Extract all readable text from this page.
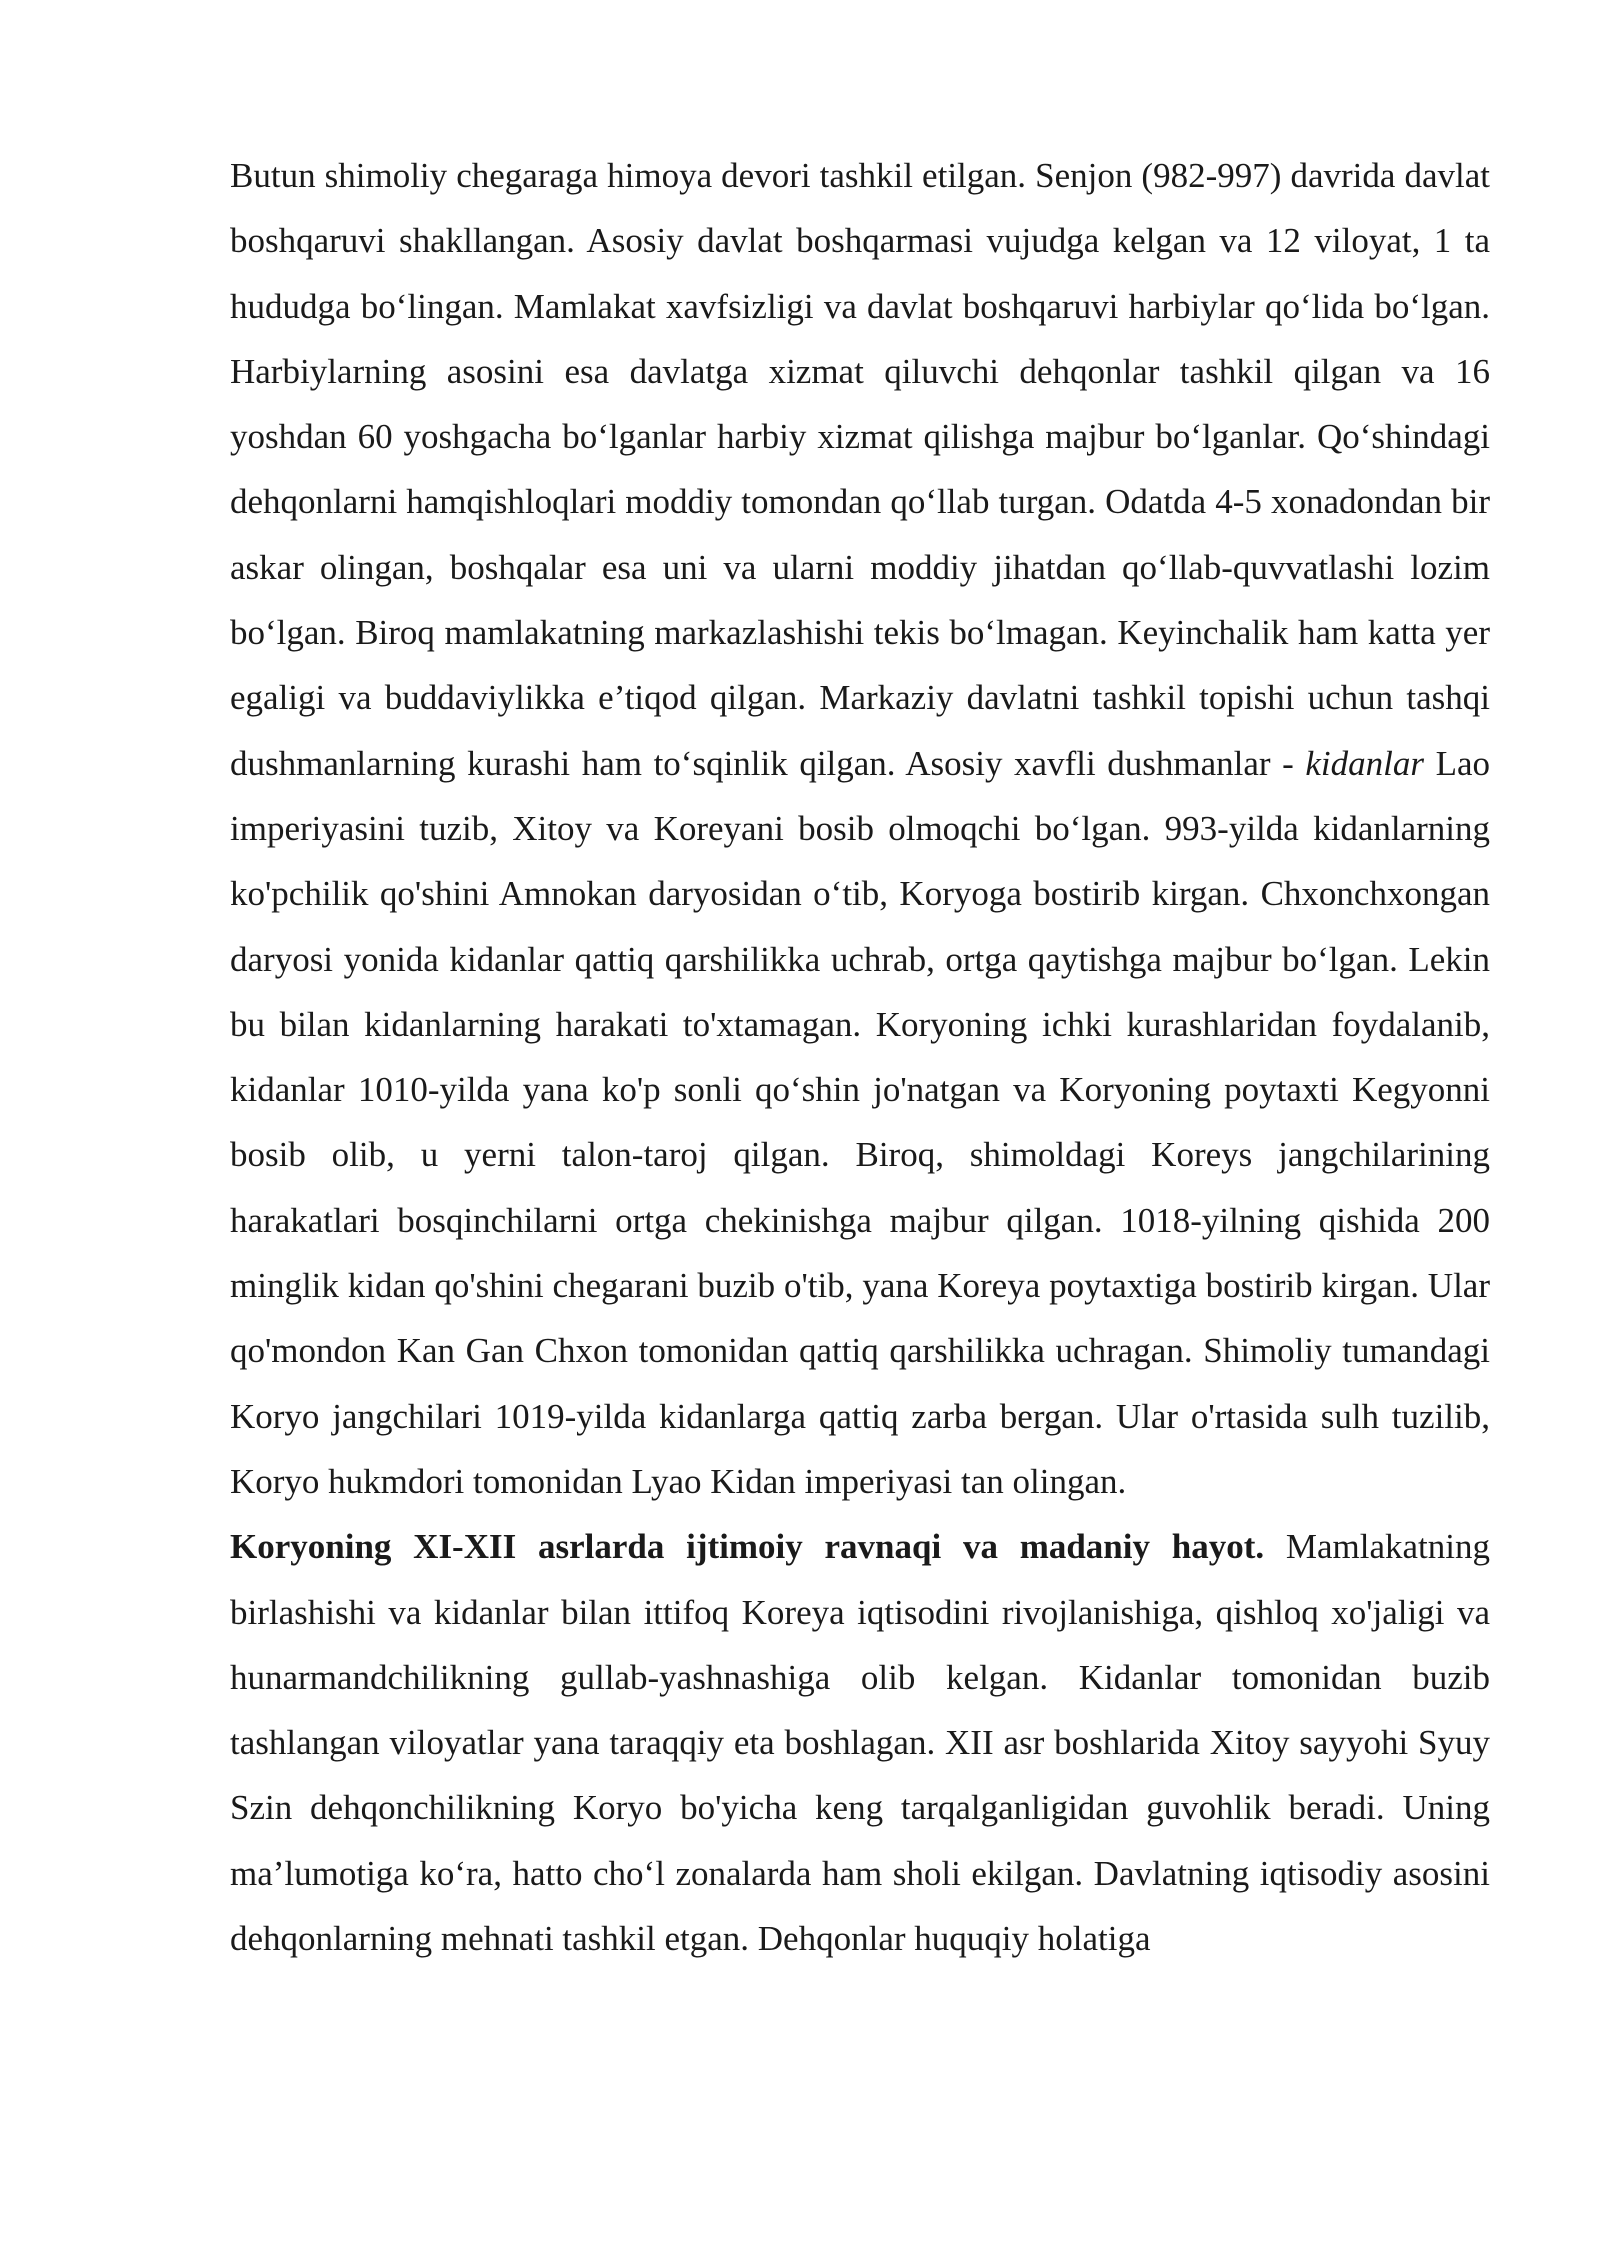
Butun shimoliy chegaraga himoya devori tashkil etilgan. Senjon (982-997) davrida davlat boshqaruvi shakllangan. Asosiy davlat boshqarmasi vujudga kelgan va 12 viloyat, 1 ta hududga boʻlingan. Mamlakat xavfsizligi va davlat boshqaruvi harbiylar qoʻlida boʻlgan. Harbiylarning asosini esa davlatga xizmat qiluvchi dehqonlar tashkil qilgan va 16 yoshdan 60 yoshgacha boʻlganlar harbiy xizmat qilishga majbur boʻlganlar. Qoʻshindagi dehqonlarni hamqishloqlari moddiy tomondan qoʻllab turgan. Odatda 4-5 xonadondan bir askar olingan, boshqalar esa uni va ularni moddiy jihatdan qoʻllab-quvvatlashi lozim boʻlgan. Biroq mamlakatning markazlashishi tekis boʻlmagan. Keyinchalik ham katta yer egaligi va buddaviylikka e’tiqod qilgan. Markaziy davlatni tashkil topishi uchun tashqi dushmanlarning kurashi ham toʻsqinlik qilgan. Asosiy xavfli dushmanlar - kidanlar Lao imperiyasini tuzib, Xitoy va Koreyani bosib olmoqchi boʻlgan. 993-yilda kidanlarning ko'pchilik qo'shini Amnokan daryosidan oʻtib, Koryoga bostirib kirgan. Chxonchxongan daryosi yonida kidanlar qattiq qarshilikka uchrab, ortga qaytishga majbur boʻlgan. Lekin bu bilan kidanlarning harakati to'xtamagan. Koryoning ichki kurashlaridan foydalanib, kidanlar 1010-yilda yana ko'p sonli qoʻshin jo'natgan va Koryoning poytaxti Kegyonni bosib olib, u yerni talon-taroj qilgan. Biroq, shimoldagi Koreys jangchilarining harakatlari bosqinchilarni ortga chekinishga majbur qilgan. 1018-yilning qishida 200 minglik kidan qo'shini chegarani buzib o'tib, yana Koreya poytaxtiga bostirib kirgan. Ular qo'mondon Kan Gan Chxon tomonidan qattiq qarshilikka uchragan. Shimoliy tumandagi Koryo jangchilari 1019-yilda kidanlarga qattiq zarba bergan. Ular o'rtasida sulh tuzilib, Koryo hukmdori tomonidan Lyao Kidan imperiyasi tan olingan.

Koryoning XI-XII asrlarda ijtimoiy ravnaqi va madaniy hayot. Mamlakatning birlashishi va kidanlar bilan ittifoq Koreya iqtisodini rivojlanishiga, qishloq xo'jaligi va hunarmandchilikning gullab-yashnashiga olib kelgan. Kidanlar tomonidan buzib tashlangan viloyatlar yana taraqqiy eta boshlagan. XII asr boshlarida Xitoy sayyohi Syuy Szin dehqonchilikning Koryo bo'yicha keng tarqalganligidan guvohlik beradi. Uning ma’lumotiga koʻra, hatto choʻl zonalarda ham sholi ekilgan. Davlatning iqtisodiy asosini dehqonlarning mehnati tashkil etgan. Dehqonlar huquqiy holatiga
